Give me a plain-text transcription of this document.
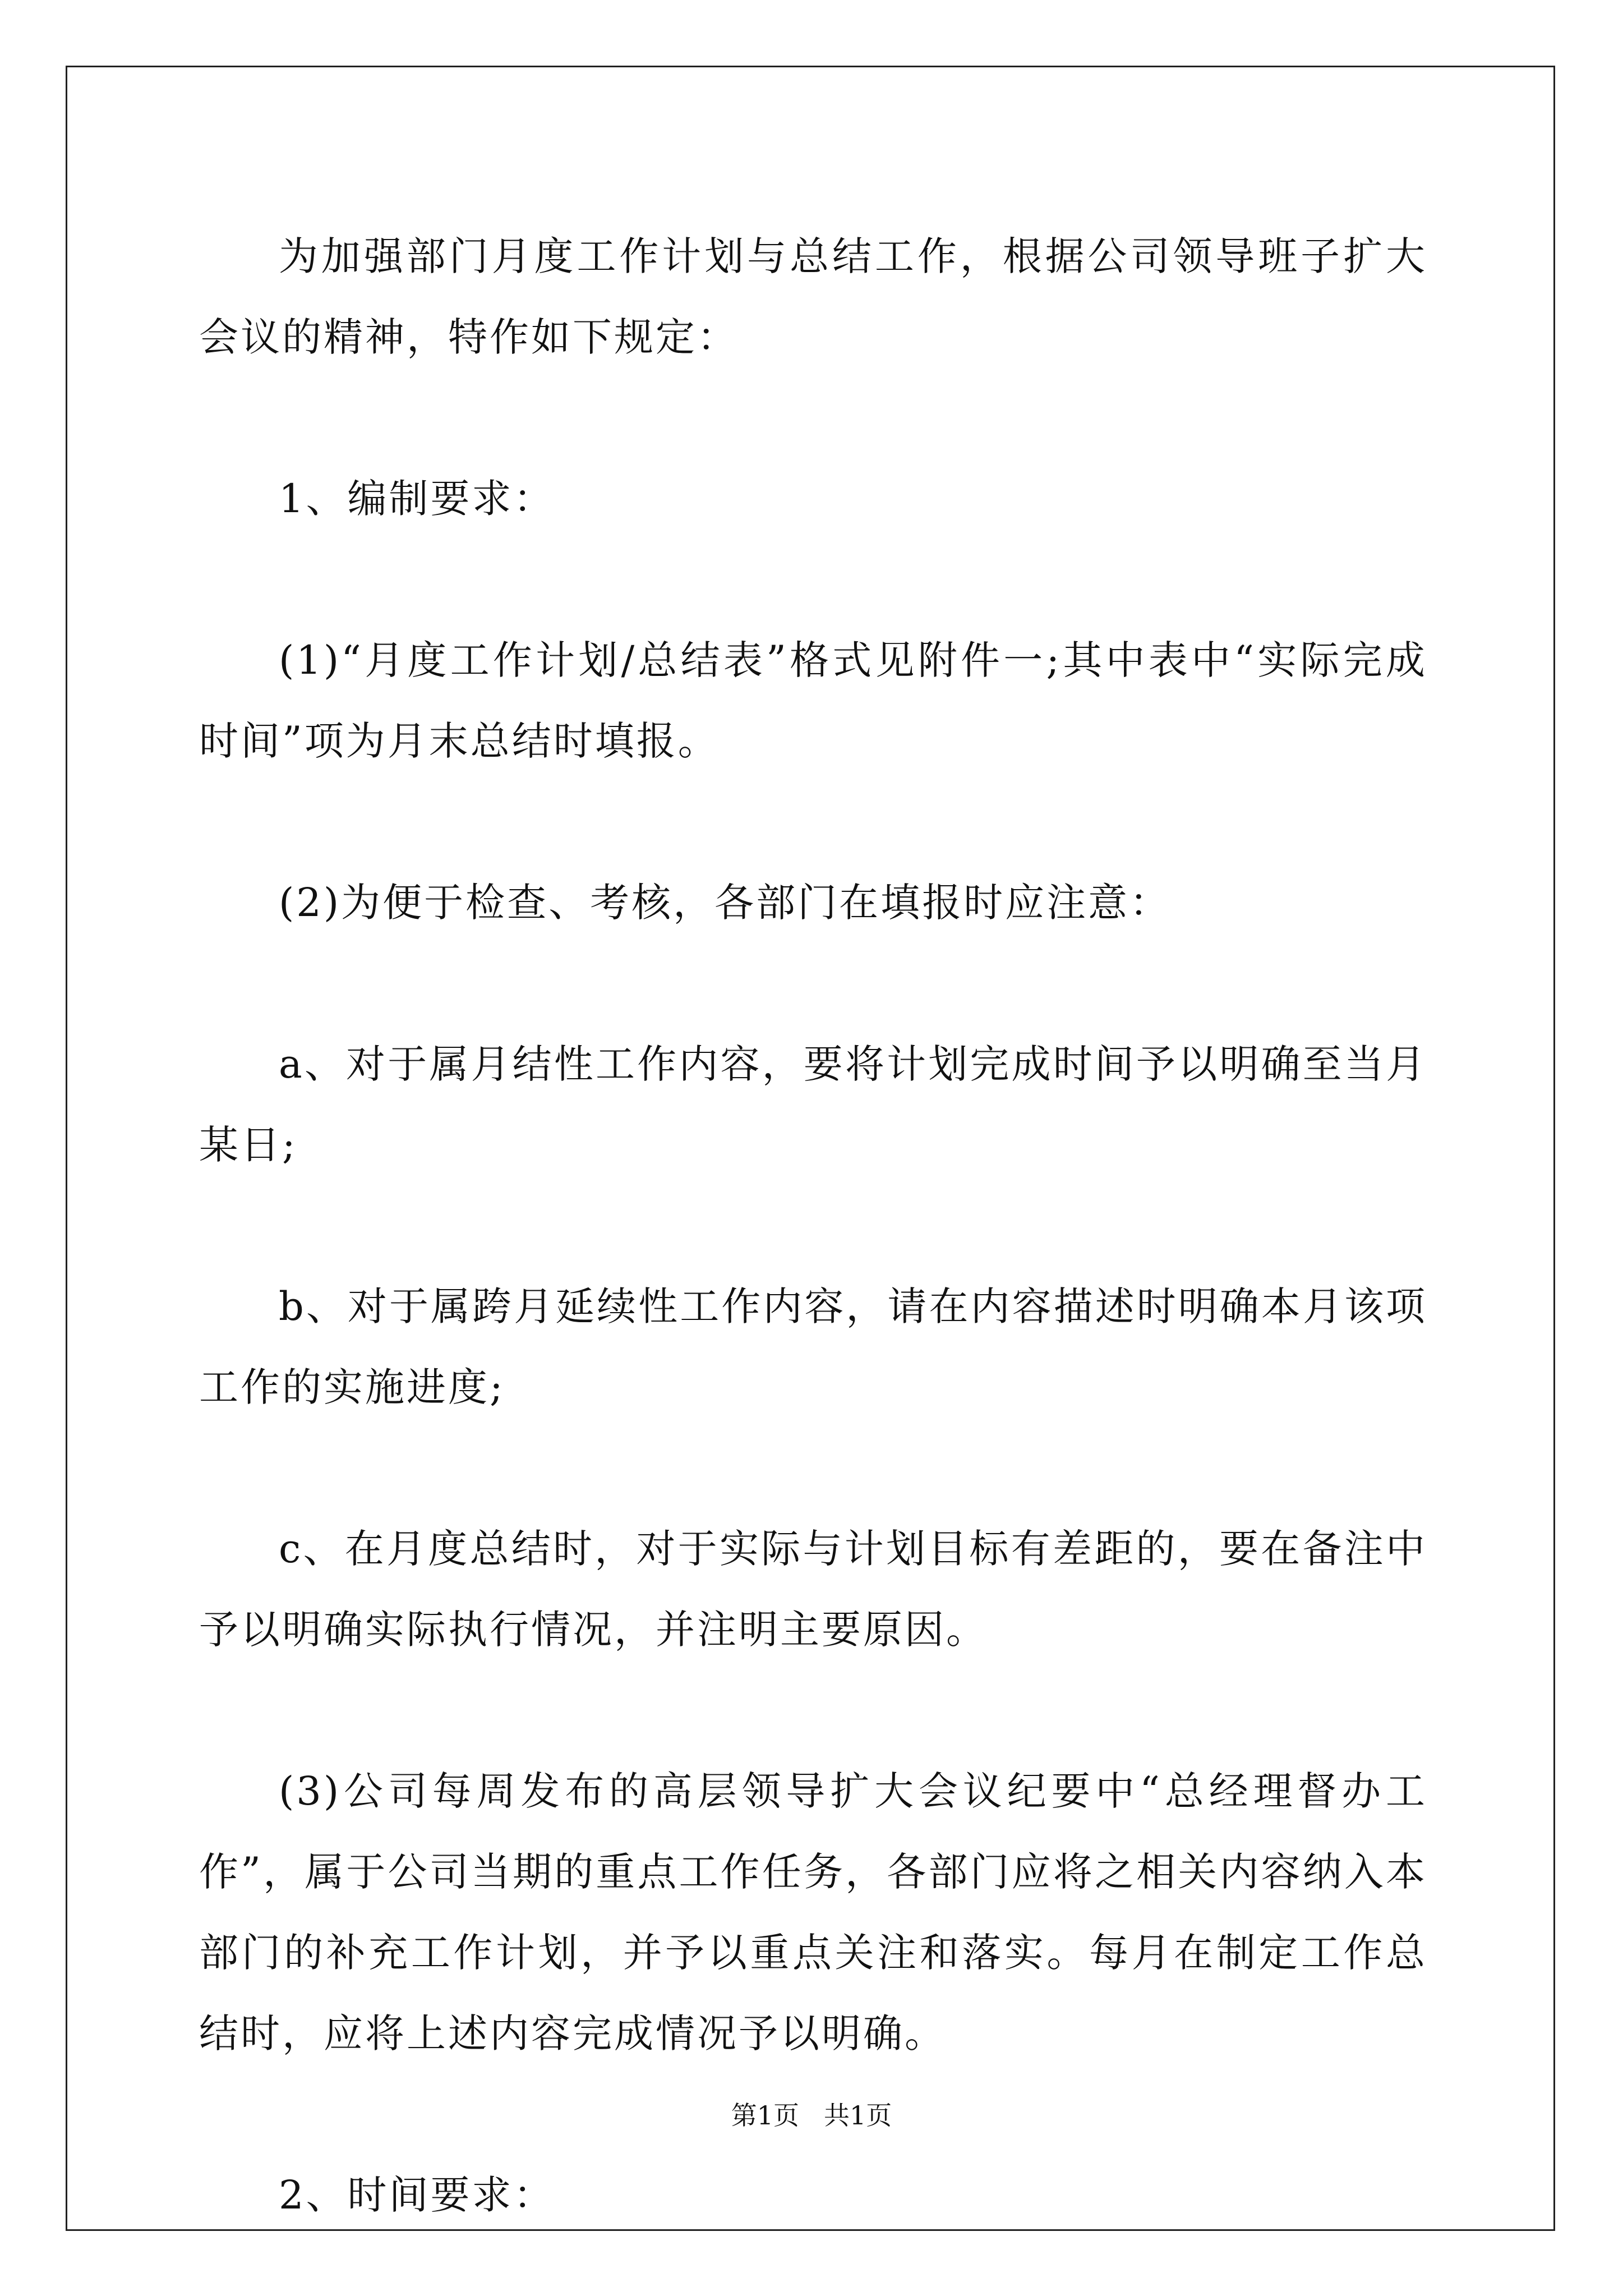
为加强部门月度工作计划与总结工作，根据公司领导班子扩大会议的精神，特作如下规定：

1、编制要求：

(1)“月度工作计划/总结表”格式见附件一;其中表中“实际完成时间”项为月末总结时填报。

(2)为便于检查、考核，各部门在填报时应注意：

a、对于属月结性工作内容，要将计划完成时间予以明确至当月某日;

b、对于属跨月延续性工作内容，请在内容描述时明确本月该项工作的实施进度;

c、在月度总结时，对于实际与计划目标有差距的，要在备注中予以明确实际执行情况，并注明主要原因。

(3)公司每周发布的高层领导扩大会议纪要中“总经理督办工作”，属于公司当期的重点工作任务，各部门应将之相关内容纳入本部门的补充工作计划，并予以重点关注和落实。每月在制定工作总结时，应将上述内容完成情况予以明确。

2、时间要求：

第1页 共1页
